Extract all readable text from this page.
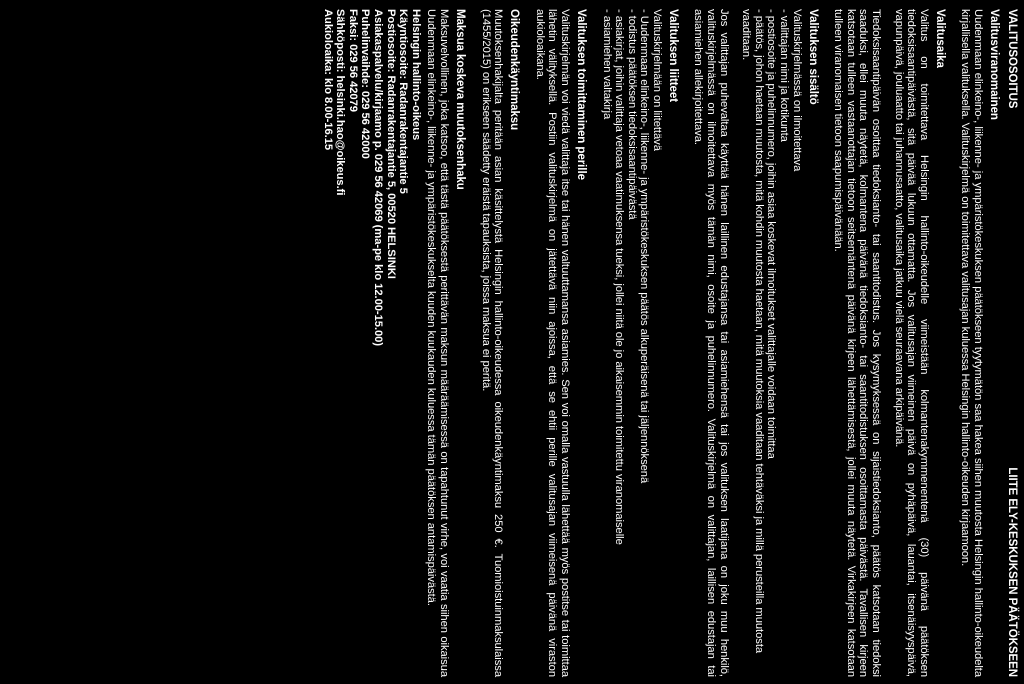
VALITUSOSOITUS
LIITE ELY-KESKUKSEN PÄÄTÖKSEEN
Valitusviranomainen

Uudenmaan elinkeino-, liikenne- ja ympäristökeskuksen päätökseen tyytymätön saa hakea siihen muutosta Helsingin hallinto-oikeudelta kirjallisella valituksella. Valituskirjelmä on toimitettava valitusajan kuluessa Helsingin hallinto-oikeuden kirjaamoon.

Valitusaika

Valitus on toimitettava Helsingin hallinto-oikeudelle viimeistään kolmantenakymmenentenä (30) päivänä päätöksen tiedoksisaantipäivästä, sitä päivää lukuun ottamatta. Jos valitusajan viimeinen päivä on pyhäpäivä, lauantai, itsenäisyyspäivä, vapunpäivä, jouluaatto tai juhannusaatto, valitusaika jatkuu vielä seuraavana arkipäivänä.

Tiedoksisaantipäivän osoittaa tiedoksianto- tai saantitodistus. Jos kysymyksessä on sijaistiedoksianto, päätös katsotaan tiedoksi saaduksi, ellei muuta näytetä, kolmantena päivänä tiedoksianto- tai saantitodistuksen osoittamasta päivästä. Tavallisen kirjeen katsotaan tulleen vastaanottajan tietoon seitsemäntenä päivänä kirjeen lähettämisestä, jollei muuta näytetä. Virkakirjeen katsotaan tulleen viranomaisen tietoon saapumispäivänään.

Valituksen sisältö

Valituskirjelmässä on ilmoitettava

- valittajan nimi ja kotikunta
- postiosoite ja puhelinnumero, joihin asiaa koskevat ilmoitukset valittajalle voidaan toimittaa
- päätös, johon haetaan muutosta, mitä kohdin muutosta haetaan, mitä muutoksia vaaditaan tehtäväksi ja millä perusteilla muutosta vaaditaan.

Jos valittajan puhevaltaa käyttää hänen laillinen edustajansa tai asiamiehensä tai jos valituksen laatijana on joku muu henkilö, valituskirjelmässä on ilmoitettava myös tämän nimi, osoite ja puhelinnumero. Valituskirjelmä on valittajan, laillisen edustajan tai asiamiehen allekirjoitettava.

Valituksen liitteet

Valituskirjelmään on liitettävä

- Uudenmaan elinkeino-, liikenne- ja ympäristökeskuksen päätös alkuperäisenä tai jäljennöksenä
- todistus päätöksen tiedoksisaantipäivästä
- asiakirjat, joihin valittaja vetoaa vaatimuksensa tueksi, jollei niitä ole jo aikaisemmin toimitettu viranomaiselle
- asiamiehen valtakirja
Valituksen toimittaminen perille

Valituskirjelmän voi viedä valittaja itse tai hänen valtuuttamansa asiamies. Sen voi omalla vastuulla lähettää myös postitse tai toimittaa lähetin välityksellä. Postiin valituskirjelmä on jätettävä niin ajoissa, että se ehtii perille valitusajan viimeisenä päivänä viraston aukioloaikana.

Oikeudenkäyntimaksu

Muutoksenhakijalta peritään asian käsittelystä Helsingin hallinto-oikeudessa oikeudenkäyntimaksu 250 €. Tuomioistuinmaksulaissa (1455/2015) on erikseen säädetty eräistä tapauksista, joissa maksua ei peritä.

Maksua koskeva muutoksenhaku

Maksuvelvollinen, joka katsoo, että tästä päätöksestä perittävän maksun määräämisessä on tapahtunut virhe, voi vaatia siihen oikaisua Uudenmaan elinkeino-, liikenne- ja ympäristökeskukselta kuuden kuukauden kuluessa tämän päätöksen antamispäivästä.

Helsingin hallinto-oikeus
Käyntiosoite: Radanrakentajantie 5
Postiosoite: Radanrakentajantie 5, 00520 HELSINKI
Asiakaspalvelu/kirjaamo p. 029 56 42069 (ma-pe klo 12.00-15.00)
Puhelinvaihde: 029 56 42000
Faksi: 029 56 42079
Sähköposti: helsinki.hao@oikeus.fi
Aukioloaika: klo 8.00-16.15
